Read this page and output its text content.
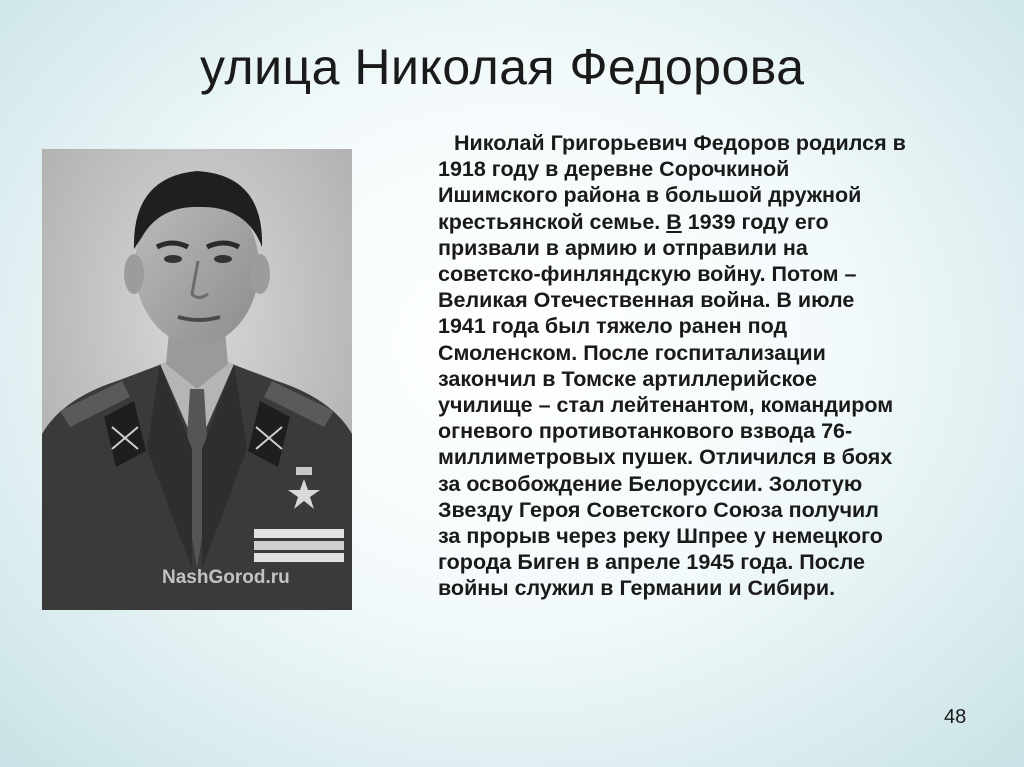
улица Николая Федорова
NashGorod.ru

Николай Григорьевич Федоров родился в
1918 году в деревне Сорочкиной
Ишимского района в большой дружной
крестьянской семье. В 1939 году его
призвали в армию и отправили на
советско-финляндскую войну. Потом –
Великая Отечественная война. В июле
1941 года был тяжело ранен под
Смоленском. После госпитализации
закончил в Томске артиллерийское
училище – стал лейтенантом, командиром
огневого противотанкового взвода 76-
миллиметровых пушек. Отличился в боях
за освобождение Белоруссии. Золотую
Звезду Героя Советского Союза получил
за прорыв через реку Шпрее у немецкого
города Биген в апреле 1945 года. После
войны служил в Германии и Сибири.

48
